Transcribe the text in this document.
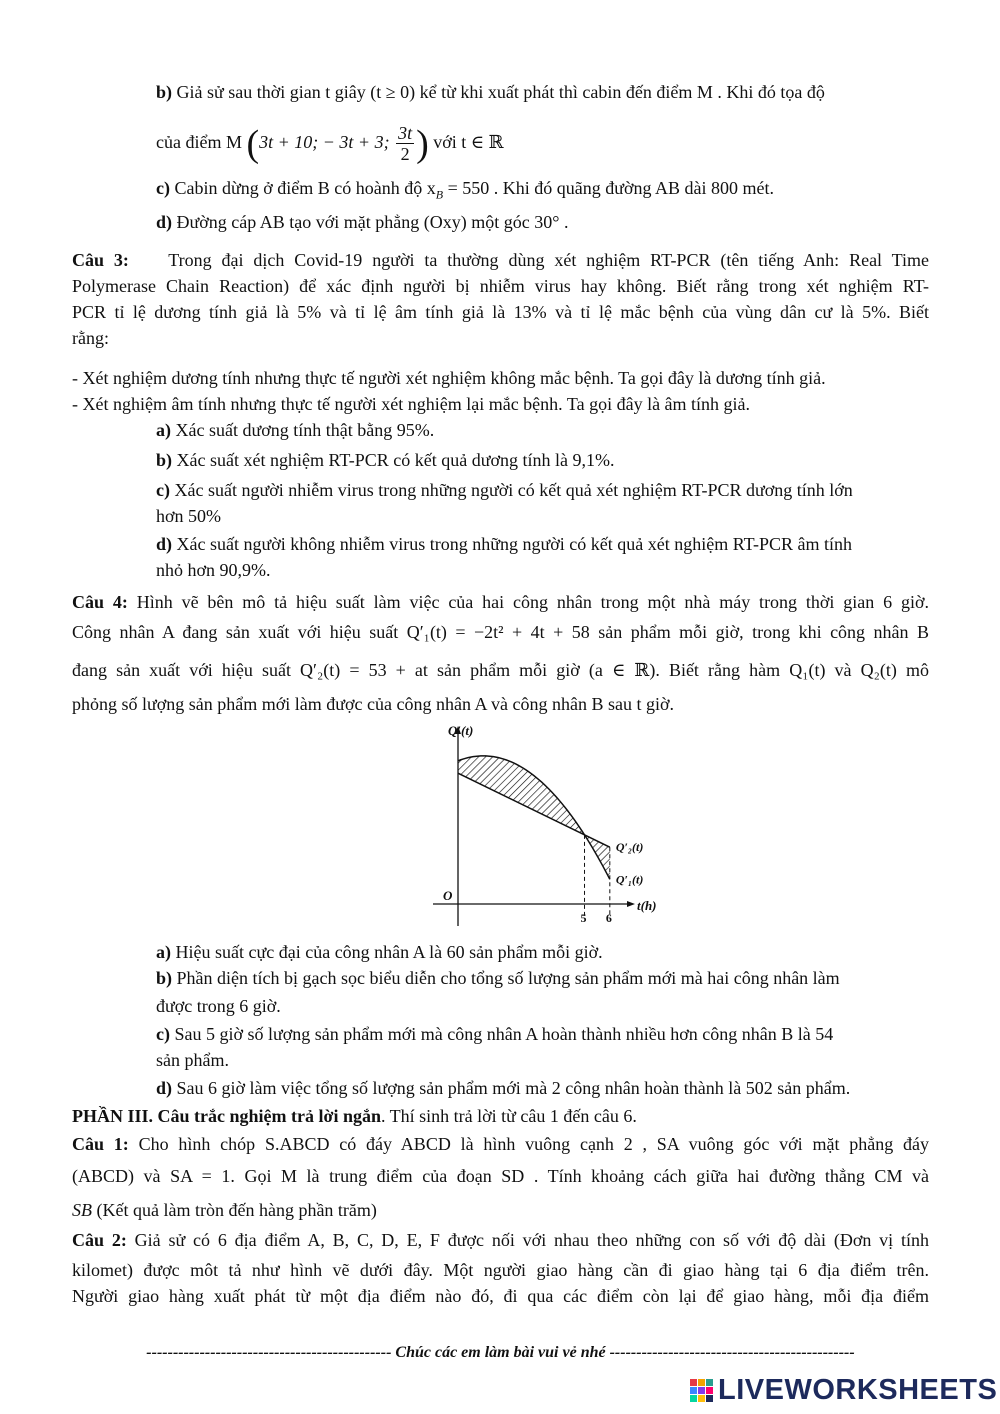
b) Giả sử sau thời gian t giây (t ≥ 0) kể từ khi xuất phát thì cabin đến điểm M . Khi đó tọa độ
của điểm M (3t + 10; − 3t + 3; $\frac{3t}{2}$ ) với t ∈ ℝ
c) Cabin dừng ở điểm B có hoành độ $x_B = 550$ . Khi đó quãng đường AB dài 800 mét.
d) Đường cáp AB tạo với mặt phẳng (Oxy) một góc 30° .
Câu 3: Trong đại dịch Covid-19 người ta thường dùng xét nghiệm RT-PCR (tên tiếng Anh: Real Time
Polymerase Chain Reaction) để xác định người bị nhiễm virus hay không. Biết rằng trong xét nghiệm RT-
PCR tỉ lệ dương tính giả là 5% và tỉ lệ âm tính giả là 13% và tỉ lệ mắc bệnh của vùng dân cư là 5%. Biết
rằng:
- Xét nghiệm dương tính nhưng thực tế người xét nghiệm không mắc bệnh. Ta gọi đây là dương tính giả.
- Xét nghiệm âm tính nhưng thực tế người xét nghiệm lại mắc bệnh. Ta gọi đây là âm tính giả.
a) Xác suất dương tính thật bằng 95%.
b) Xác suất xét nghiệm RT-PCR có kết quả dương tính là 9,1%.
c) Xác suất người nhiễm virus trong những người có kết quả xét nghiệm RT-PCR dương tính lớn
hơn 50%
d) Xác suất người không nhiễm virus trong những người có kết quả xét nghiệm RT-PCR âm tính
nhỏ hơn 90,9%.
Câu 4: Hình vẽ bên mô tả hiệu suất làm việc của hai công nhân trong một nhà máy trong thời gian 6 giờ.
Công nhân A đang sản xuất với hiệu suất Q′₁(t) = −2t² + 4t + 58 sản phẩm mỗi giờ, trong khi công nhân B
đang sản xuất với hiệu suất Q′₂(t) = 53 + at sản phẩm mỗi giờ (a ∈ ℝ). Biết rằng hàm Q₁(t) và Q₂(t) mô
phỏng số lượng sản phẩm mới làm được của công nhân A và công nhân B sau t giờ.
5 6
O
Q′(t)
t(h)
Q′₂(t)
Q′₁(t)
a) Hiệu suất cực đại của công nhân A là 60 sản phẩm mỗi giờ.
b) Phần diện tích bị gạch sọc biểu diễn cho tổng số lượng sản phẩm mới mà hai công nhân làm
được trong 6 giờ.
c) Sau 5 giờ số lượng sản phẩm mới mà công nhân A hoàn thành nhiều hơn công nhân B là 54
sản phẩm.
d) Sau 6 giờ làm việc tổng số lượng sản phẩm mới mà 2 công nhân hoàn thành là 502 sản phẩm.
PHẦN III. Câu trắc nghiệm trả lời ngắn. Thí sinh trả lời từ câu 1 đến câu 6.
Câu 1: Cho hình chóp S.ABCD có đáy ABCD là hình vuông cạnh 2 , SA vuông góc với mặt phẳng đáy
(ABCD) và SA = 1. Gọi M là trung điểm của đoạn SD . Tính khoảng cách giữa hai đường thẳng CM và
SB (Kết quả làm tròn đến hàng phần trăm)
Câu 2: Giả sử có 6 địa điểm A, B, C, D, E, F được nối với nhau theo những con số với độ dài (Đơn vị tính
kilomet) được môt tả như hình vẽ dưới đây. Một người giao hàng cần đi giao hàng tại 6 địa điểm trên.
Người giao hàng xuất phát từ một địa điểm nào đó, đi qua các điểm còn lại để giao hàng, mỗi địa điểm
---------------------------------------------- Chúc các em làm bài vui vẻ nhé ----------------------------------------------
LIVEWORKSHEETS
